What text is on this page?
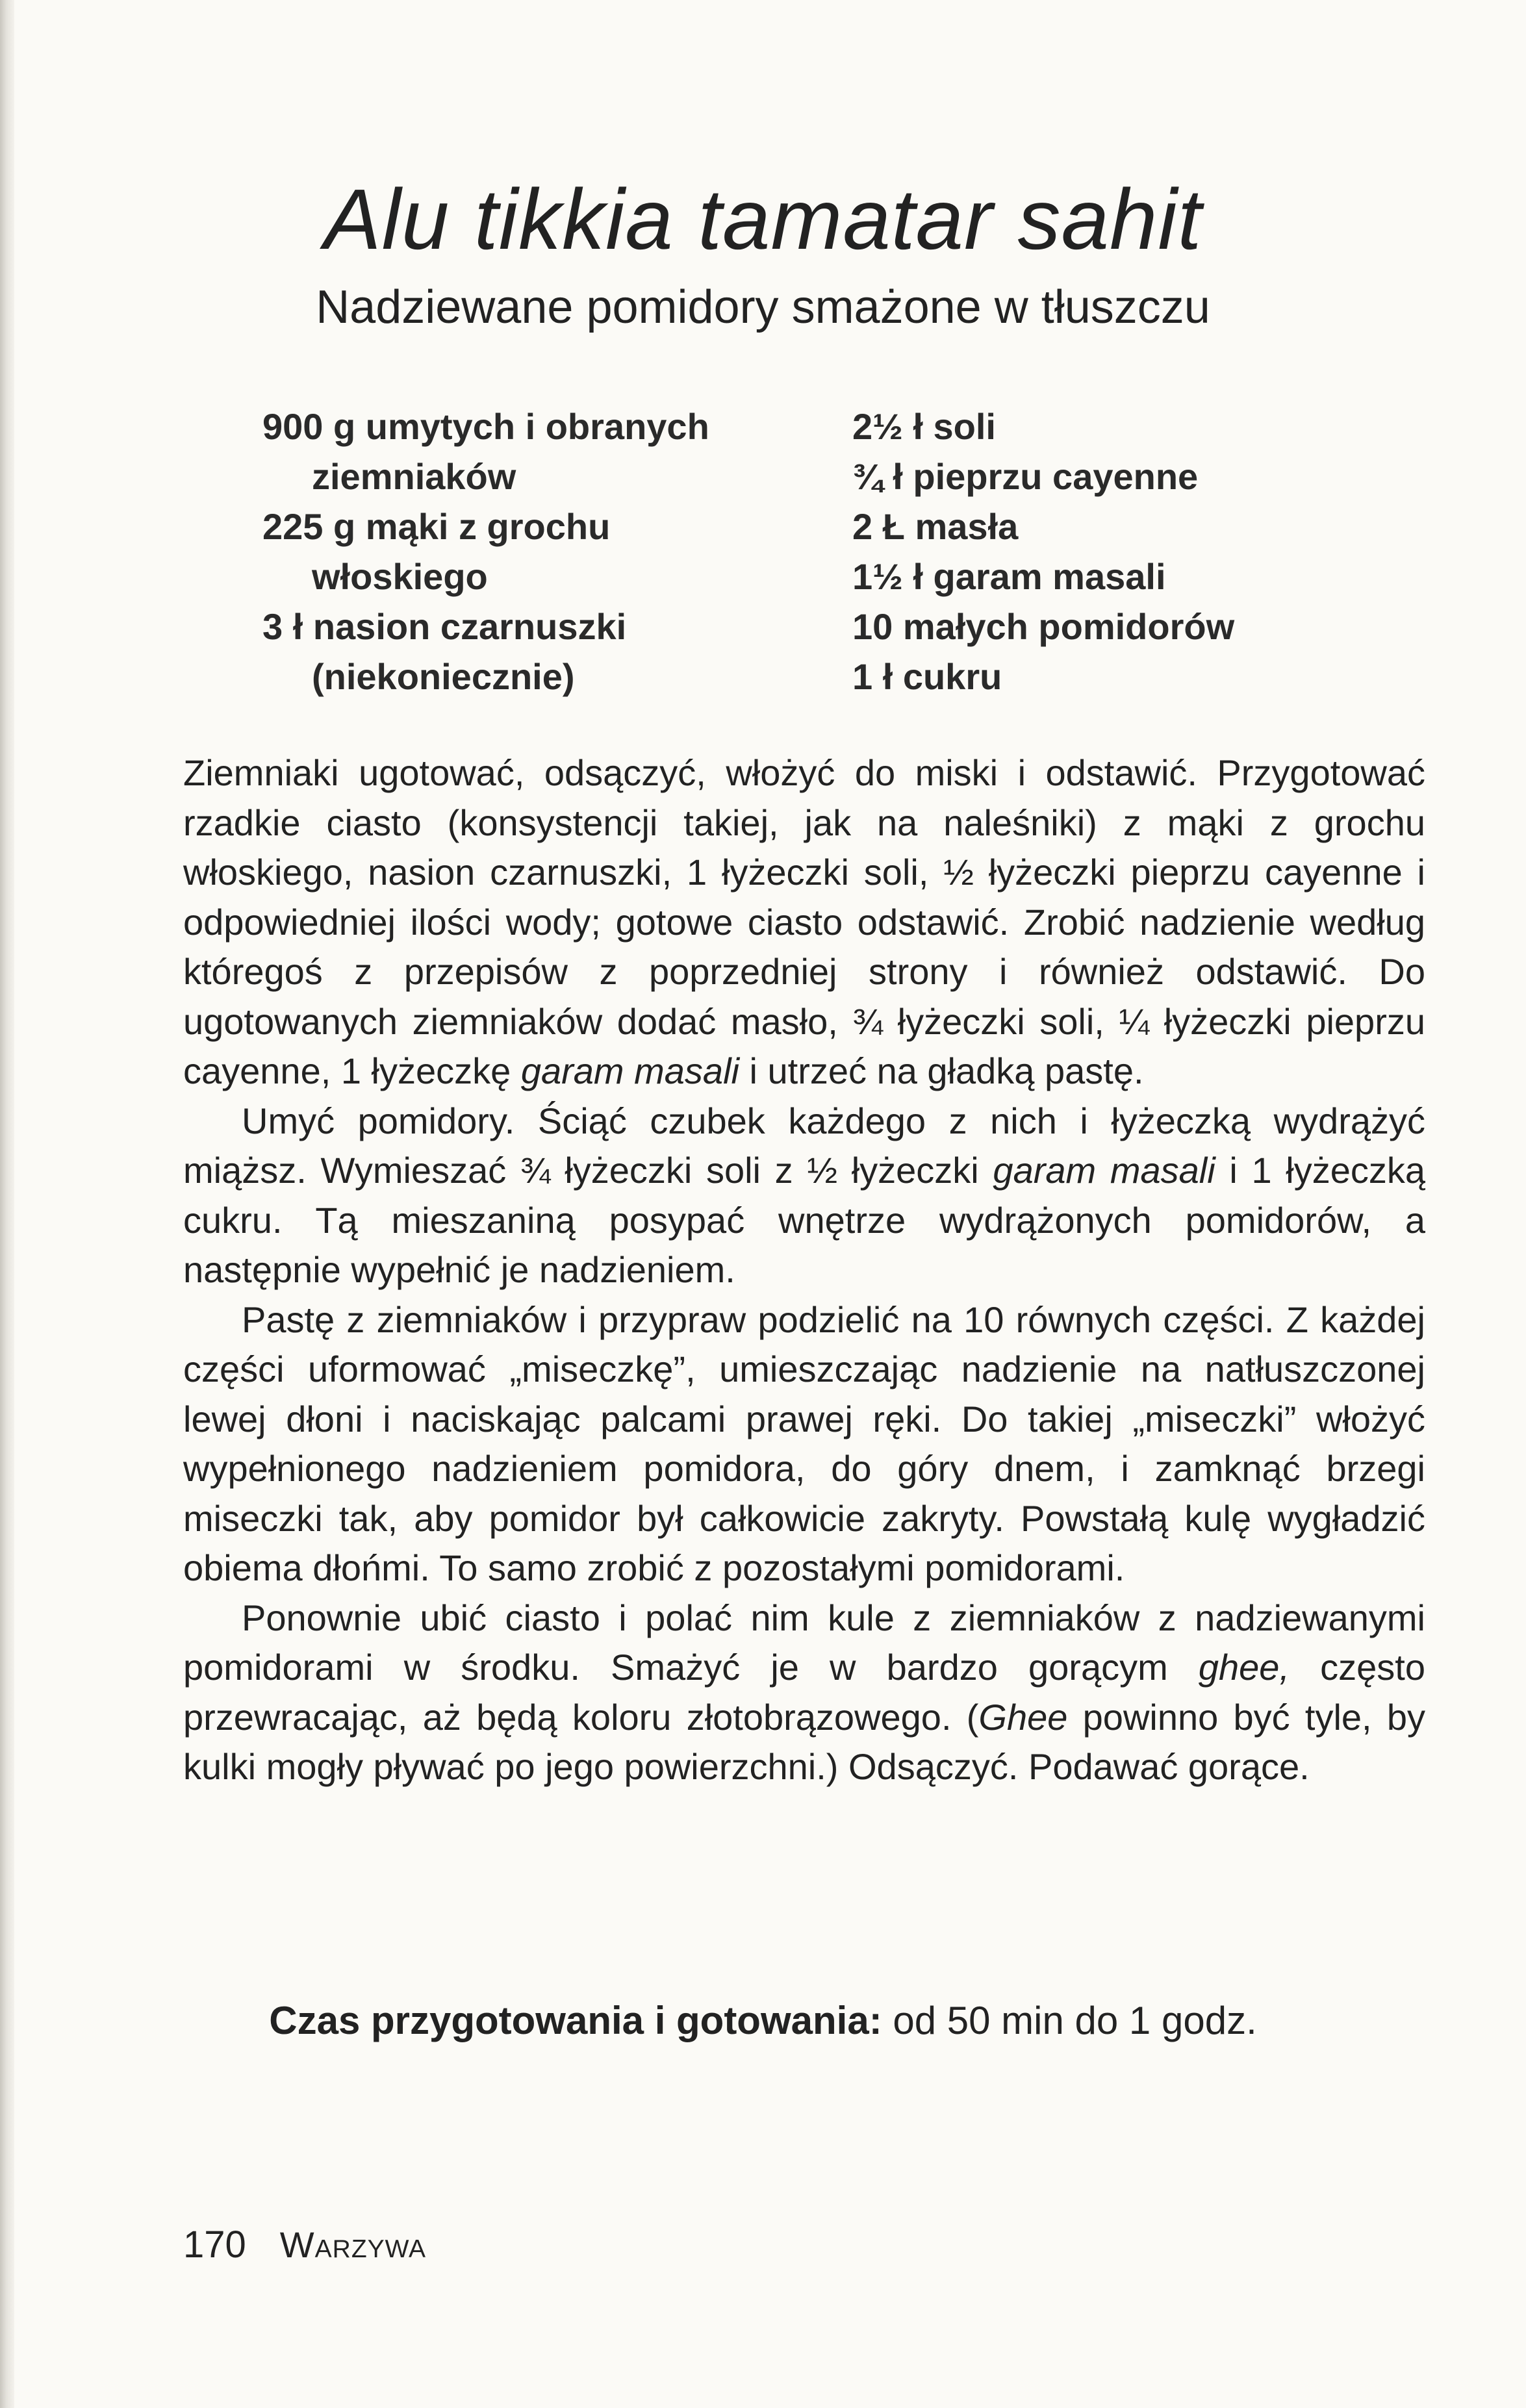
Alu tikkia tamatar sahit
Nadziewane pomidory smażone w tłuszczu
900 g umytych i obranych ziemniaków
225 g mąki z grochu włoskiego
3 ł nasion czarnuszki (niekoniecznie)
2½ ł soli
¾ ł pieprzu cayenne
2 Ł masła
1½ ł garam masali
10 małych pomidorów
1 ł cukru

Ziemniaki ugotować, odsączyć, włożyć do miski i odstawić. Przygotować rzadkie ciasto (konsystencji takiej, jak na naleśniki) z mąki z grochu włoskiego, nasion czarnuszki, 1 łyżeczki soli, ½ łyżeczki pieprzu cayenne i odpowiedniej ilości wody; gotowe ciasto odstawić. Zrobić nadzienie według któregoś z przepisów z poprzedniej strony i również odstawić. Do ugotowanych ziemniaków dodać masło, ¾ łyżeczki soli, ¼ łyżeczki pieprzu cayenne, 1 łyżeczkę garam masali i utrzeć na gładką pastę.

Umyć pomidory. Ściąć czubek każdego z nich i łyżeczką wydrążyć miąższ. Wymieszać ¾ łyżeczki soli z ½ łyżeczki garam masali i 1 łyżeczką cukru. Tą mieszaniną posypać wnętrze wydrążonych pomidorów, a następnie wypełnić je nadzieniem.

Pastę z ziemniaków i przypraw podzielić na 10 równych części. Z każdej części uformować „miseczkę”, umieszczając nadzienie na natłuszczonej lewej dłoni i naciskając palcami prawej ręki. Do takiej „miseczki” włożyć wypełnionego nadzieniem pomidora, do góry dnem, i zamknąć brzegi miseczki tak, aby pomidor był całkowicie zakryty. Powstałą kulę wygładzić obiema dłońmi. To samo zrobić z pozostałymi pomidorami.

Ponownie ubić ciasto i polać nim kule z ziemniaków z nadziewanymi pomidorami w środku. Smażyć je w bardzo gorącym ghee, często przewracając, aż będą koloru złotobrązowego. (Ghee powinno być tyle, by kulki mogły pływać po jego powierzchni.) Odsączyć. Podawać gorące.

Czas przygotowania i gotowania: od 50 min do 1 godz.
170 Warzywa
